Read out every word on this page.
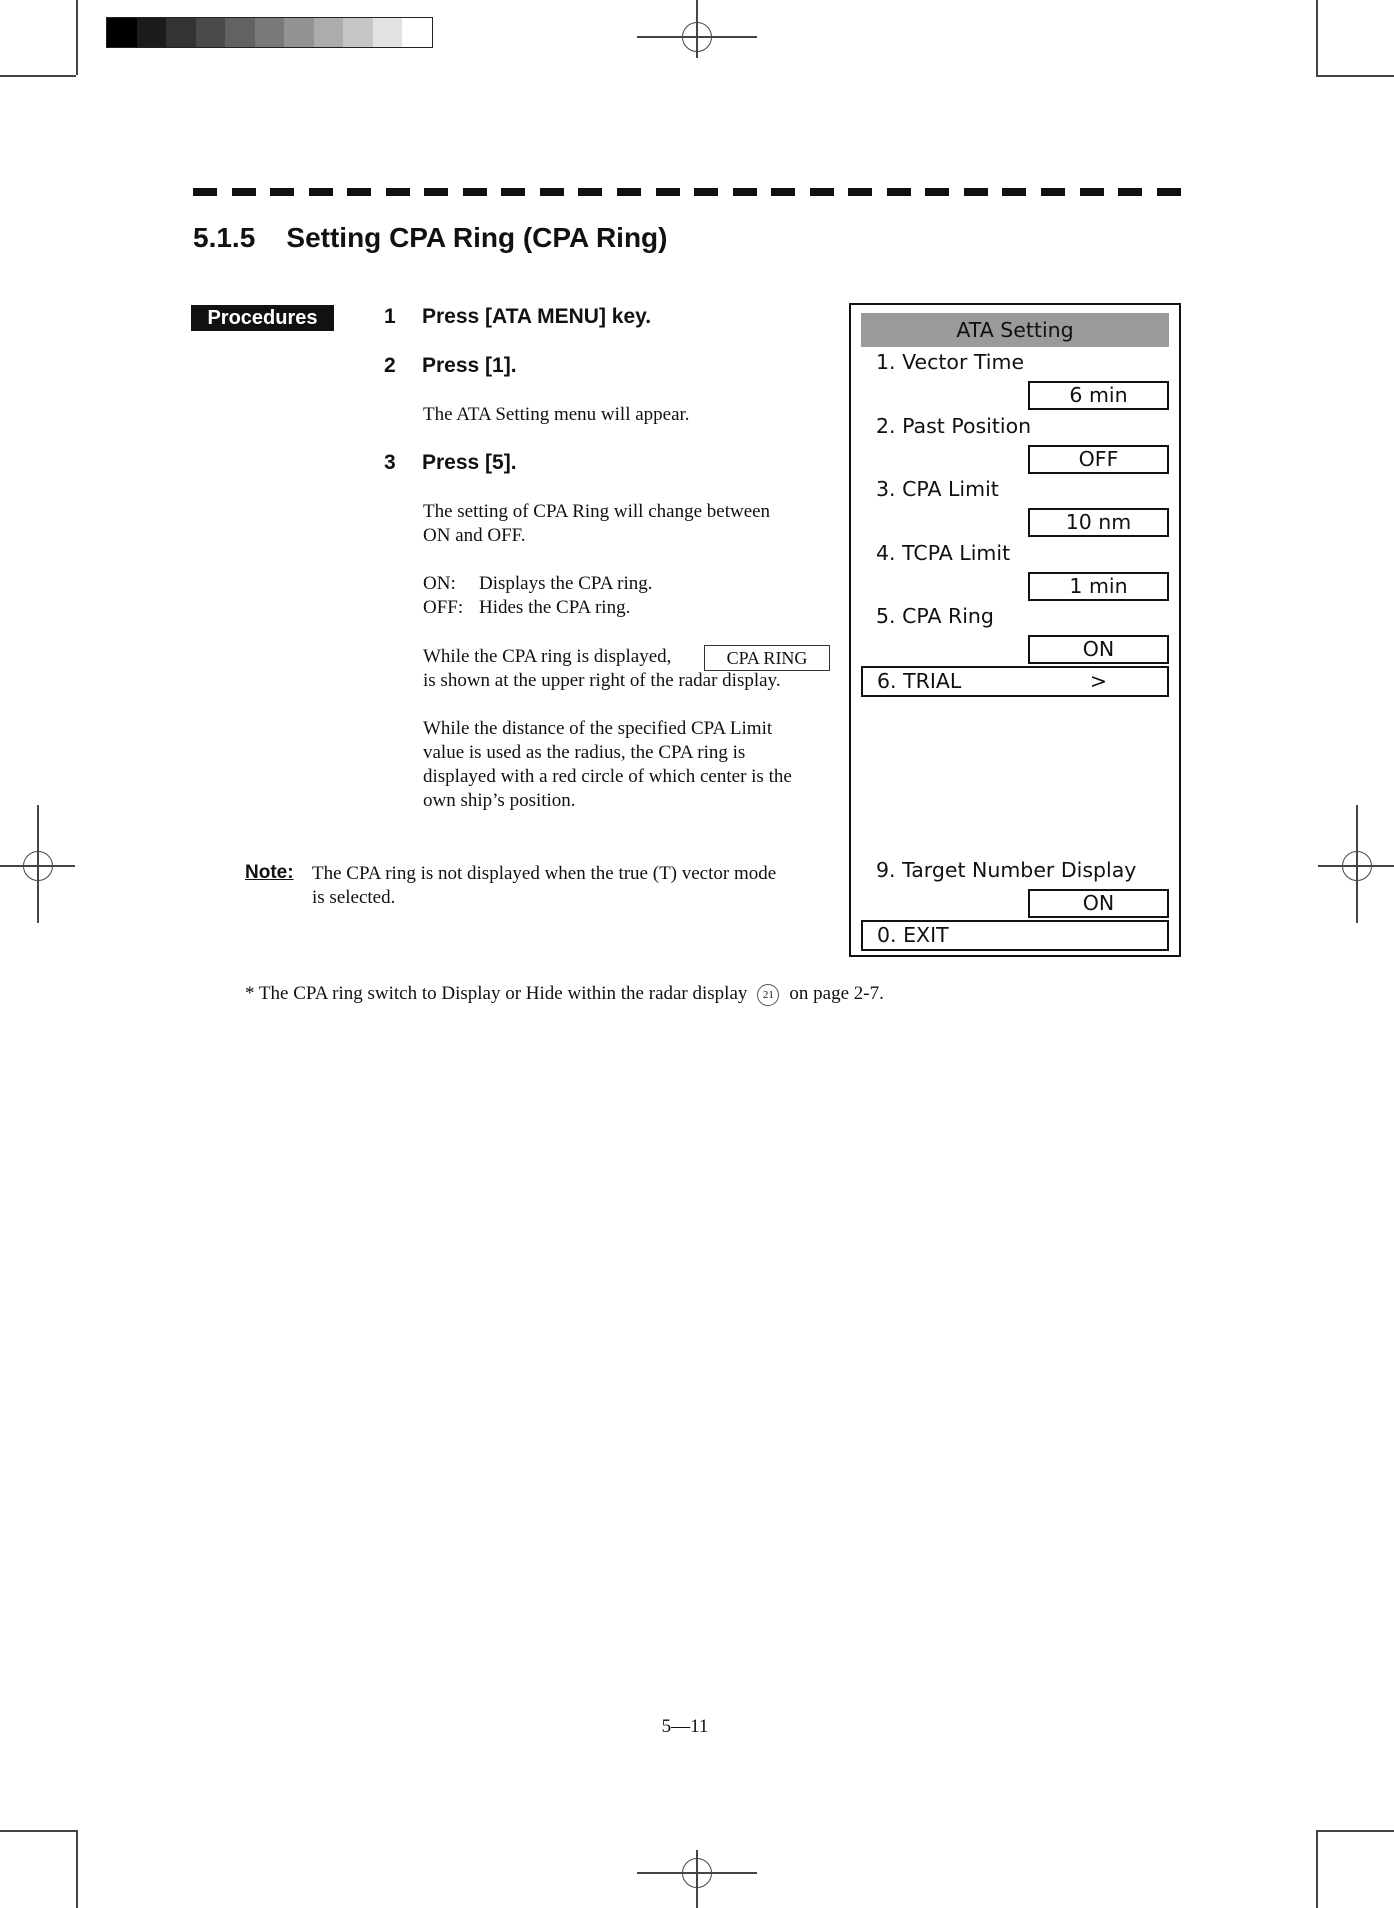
5.1.5 Setting CPA Ring (CPA Ring)
Procedures	1 Press [ATA MENU] key.
2 Press [1].
The ATA Setting menu will appear.
3 Press [5].
The setting of CPA Ring will change between
ON and OFF.
ON: Displays the CPA ring.
OFF: Hides the CPA ring.
While the CPA ring is displayed,	CPA RING
is shown at the upper right of the radar display.
While the distance of the specified CPA Limit
value is used as the radius, the CPA ring is
displayed with a red circle of which center is the
own ship’s position.
Note: The CPA ring is not displayed when the true (T) vector mode
is selected.
* The CPA ring switch to Display or Hide within the radar display 21 on page 2-7.
ATA Setting
1. Vector Time
6 min
2. Past Position
OFF
3. CPA Limit
10 nm
4. TCPA Limit
1 min
5. CPA Ring
ON
6. TRIAL	>
9. Target Number Display
ON
0. EXIT
5—11
